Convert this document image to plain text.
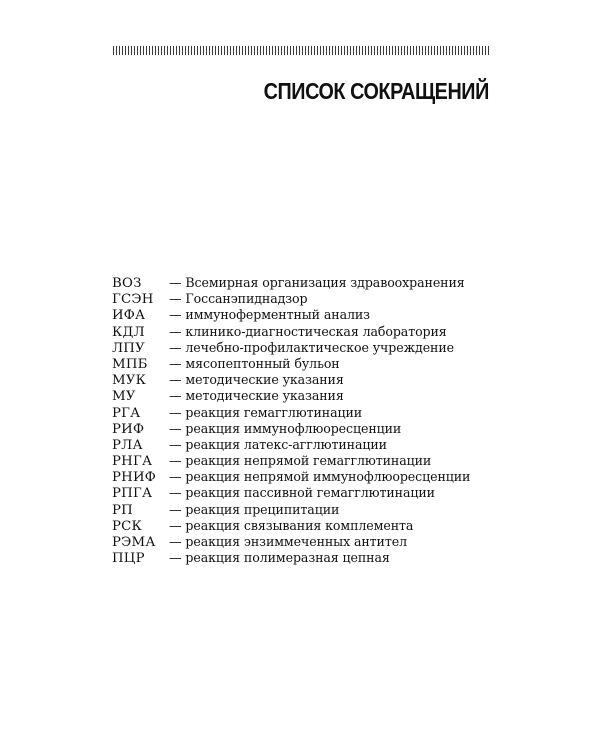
СПИСОК СОКРАЩЕНИЙ
ВОЗ	— Всемирная организация здравоохранения
ГСЭН	— Госсанэпиднадзор
ИФА	— иммуноферментный анализ
КДЛ	— клинико-диагностическая лаборатория
ЛПУ	— лечебно-профилактическое учреждение
МПБ	— мясопептонный бульон
МУК	— методические указания
МУ	— методические указания
РГА	— реакция гемагглютинации
РИФ	— реакция иммунофлюоресценции
РЛА	— реакция латекс-агглютинации
РНГА	— реакция непрямой гемагглютинации
РНИФ	— реакция непрямой иммунофлюоресценции
РПГА	— реакция пассивной гемагглютинации
РП	— реакция преципитации
РСК	— реакция связывания комплемента
РЭМА	— реакция энзиммеченных антител
ПЦР	— реакция полимеразная цепная
